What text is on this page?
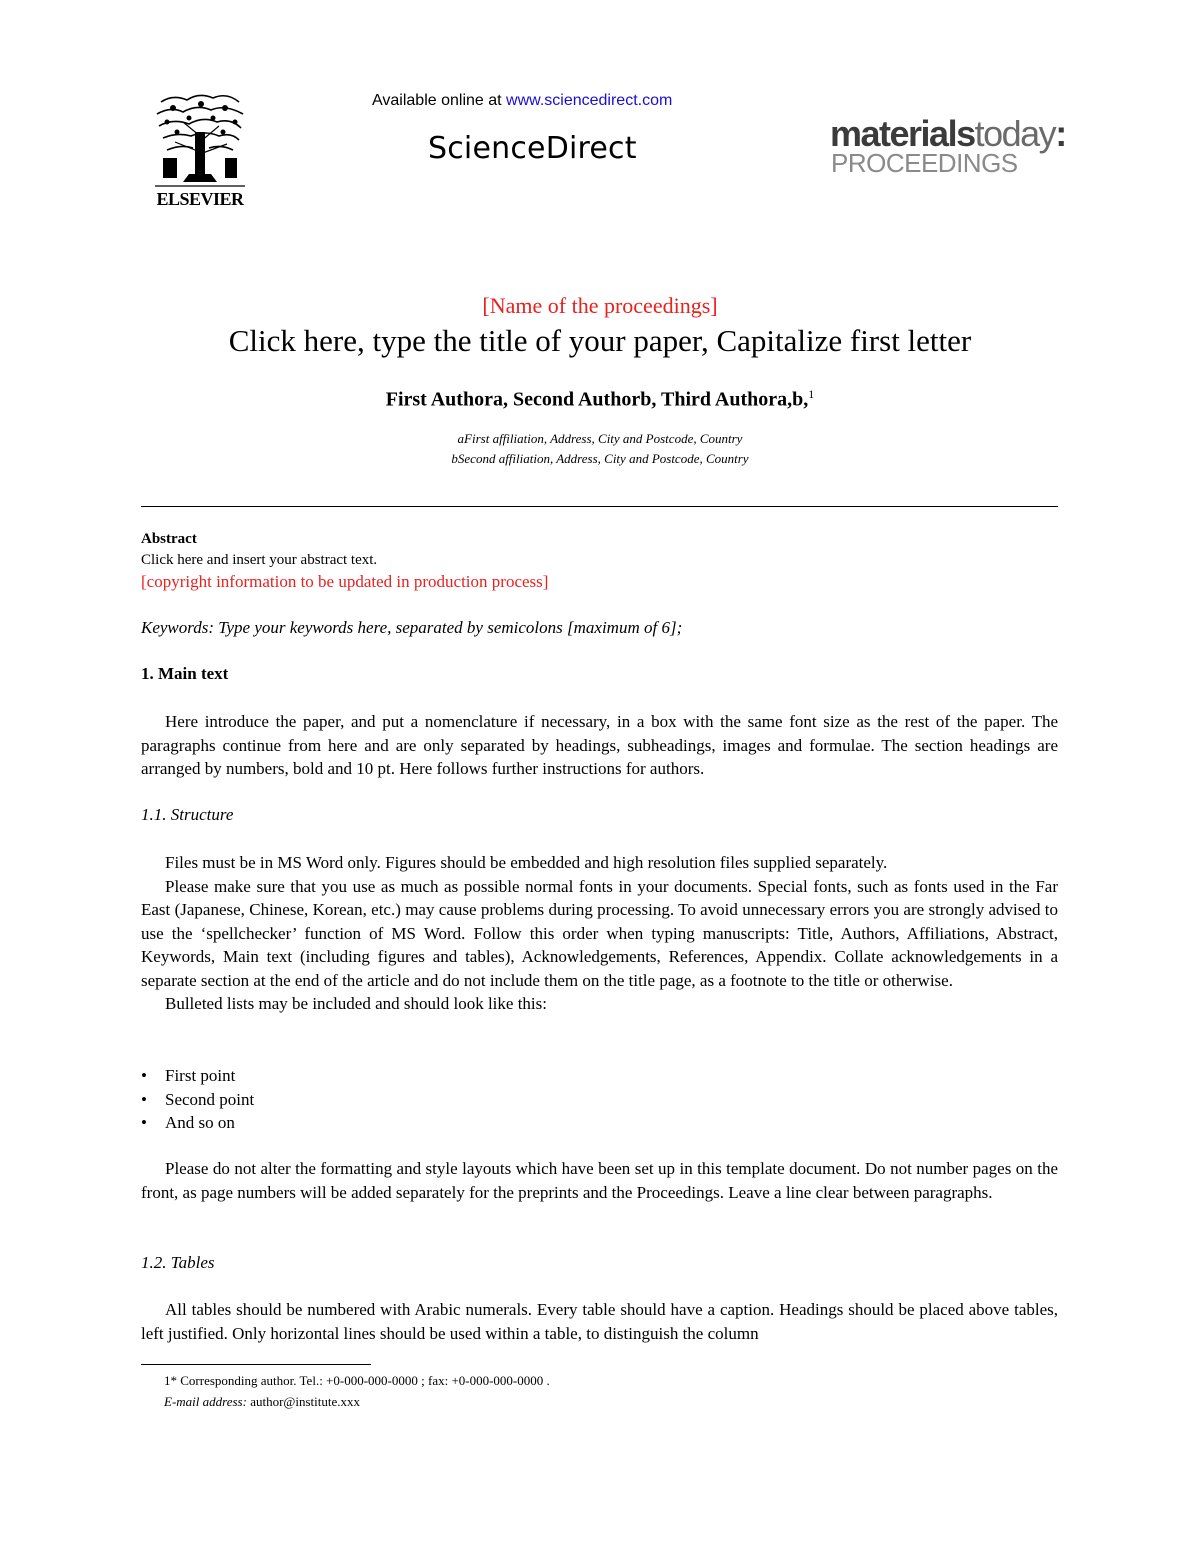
ELSEVIER
Available online at www.sciencedirect.com
ScienceDirect	materialstoday:
PROCEEDINGS
[Name of the proceedings]
Click here, type the title of your paper, Capitalize first letter
First Authora, Second Authorb, Third Authora,b,$^1$
aFirst affiliation, Address, City and Postcode, Country
bSecond affiliation, Address, City and Postcode, Country
Abstract
Click here and insert your abstract text.
[copyright information to be updated in production process]
Keywords: Type your keywords here, separated by semicolons [maximum of 6];
1. Main text
Here introduce the paper, and put a nomenclature if necessary, in a box with the same font size as the rest of the paper. The paragraphs continue from here and are only separated by headings, subheadings, images and formulae. The section headings are arranged by numbers, bold and 10 pt. Here follows further instructions for authors.
1.1. Structure
Files must be in MS Word only. Figures should be embedded and high resolution files supplied separately.
Please make sure that you use as much as possible normal fonts in your documents. Special fonts, such as fonts used in the Far East (Japanese, Chinese, Korean, etc.) may cause problems during processing. To avoid unnecessary errors you are strongly advised to use the ‘spellchecker’ function of MS Word. Follow this order when typing manuscripts: Title, Authors, Affiliations, Abstract, Keywords, Main text (including figures and tables), Acknowledgements, References, Appendix. Collate acknowledgements in a separate section at the end of the article and do not include them on the title page, as a footnote to the title or otherwise.
Bulleted lists may be included and should look like this:
• First point
• Second point
• And so on
Please do not alter the formatting and style layouts which have been set up in this template document. Do not number pages on the front, as page numbers will be added separately for the preprints and the Proceedings. Leave a line clear between paragraphs.
1.2. Tables
All tables should be numbered with Arabic numerals. Every table should have a caption. Headings should be placed above tables, left justified. Only horizontal lines should be used within a table, to distinguish the column
1* Corresponding author. Tel.: +0-000-000-0000 ; fax: +0-000-000-0000 .
E-mail address: author@institute.xxx
